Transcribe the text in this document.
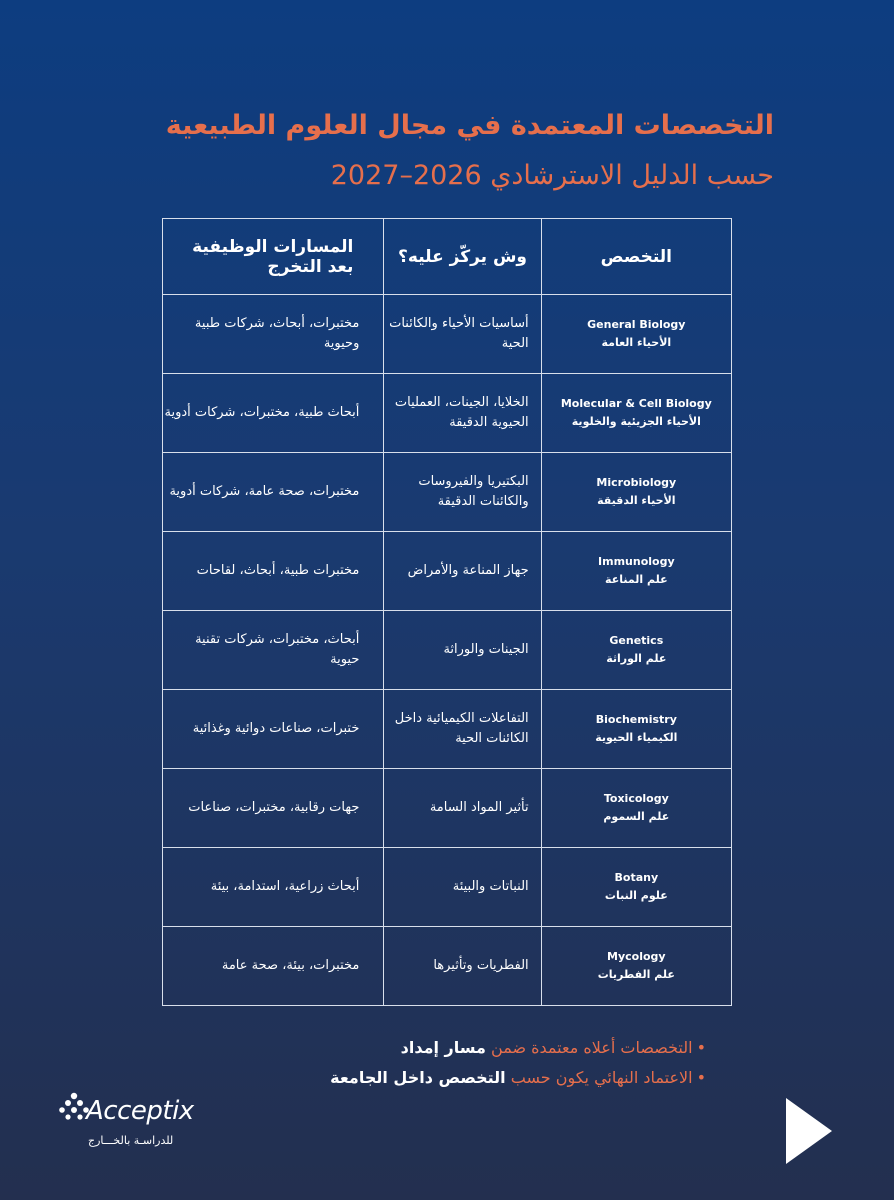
التخصصات المعتمدة في مجال العلوم الطبيعية
حسب الدليل الاسترشادي 2026–2027
المسارات الوظيفية بعد التخرج	وش يركّز عليه؟	التخصص
مختبرات، أبحاث، شركات طبية وحيوية	أساسيات الأحياء والكائنات الحية	General Biology
الأحياء العامة
أبحاث طبية، مختبرات، شركات أدوية	الخلايا، الجينات، العمليات الحيوية الدقيقة	Molecular & Cell Biology
الأحياء الجزيئية والخلوية
مختبرات، صحة عامة، شركات أدوية	البكتيريا والفيروسات والكائنات الدقيقة	Microbiology
الأحياء الدقيقة
مختبرات طبية، أبحاث، لقاحات	جهاز المناعة والأمراض	Immunology
علم المناعة
أبحاث، مختبرات، شركات تقنية حيوية	الجينات والوراثة	Genetics
علم الوراثة
ختبرات، صناعات دوائية وغذائية	التفاعلات الكيميائية داخل الكائنات الحية	Biochemistry
الكيمياء الحيوية
جهات رقابية، مختبرات، صناعات	تأثير المواد السامة	Toxicology
علم السموم
أبحاث زراعية، استدامة، بيئة	النباتات والبيئة	Botany
علوم النبات
مختبرات، بيئة، صحة عامة	الفطريات وتأثيرها	Mycology
علم الفطريات
•التخصصات أعلاه معتمدة ضمن مسار إمداد
•الاعتماد النهائي يكون حسب التخصص داخل الجامعة
Acceptix
للدراسـة بالخـــارج
